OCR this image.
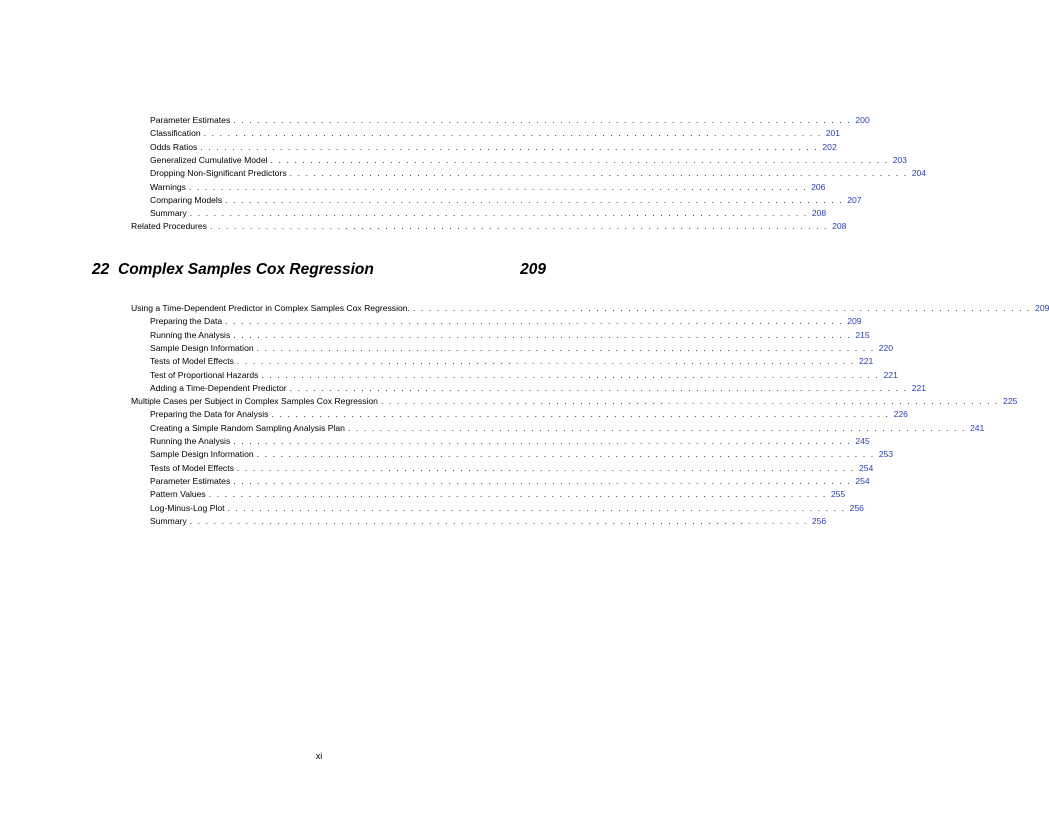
Parameter Estimates . . . . . . . . . . . . . . . . . . . . . . . . . . . . . . . . . . . . . . . . . . . . . . . . . . . . . . . . . . . . . . . . . . . . . . . . . . . . . . 200
Classification . . . . . . . . . . . . . . . . . . . . . . . . . . . . . . . . . . . . . . . . . . . . . . . . . . . . . . . . . . . . . . . . . . . . . . . . . . . . . . 201
Odds Ratios . . . . . . . . . . . . . . . . . . . . . . . . . . . . . . . . . . . . . . . . . . . . . . . . . . . . . . . . . . . . . . . . . . . . . . . . . . . . . . 202
Generalized Cumulative Model . . . . . . . . . . . . . . . . . . . . . . . . . . . . . . . . . . . . . . . . . . . . . . . . . . . . . . . . . . . . . . . . . . . . . . . . . . . . . . 203
Dropping Non-Significant Predictors . . . . . . . . . . . . . . . . . . . . . . . . . . . . . . . . . . . . . . . . . . . . . . . . . . . . . . . . . . . . . . . . . . . . . . . . . . . . . . 204
Warnings . . . . . . . . . . . . . . . . . . . . . . . . . . . . . . . . . . . . . . . . . . . . . . . . . . . . . . . . . . . . . . . . . . . . . . . . . . . . . . 206
Comparing Models . . . . . . . . . . . . . . . . . . . . . . . . . . . . . . . . . . . . . . . . . . . . . . . . . . . . . . . . . . . . . . . . . . . . . . . . . . . . . . 207
Summary . . . . . . . . . . . . . . . . . . . . . . . . . . . . . . . . . . . . . . . . . . . . . . . . . . . . . . . . . . . . . . . . . . . . . . . . . . . . . . 208
Related Procedures . . . . . . . . . . . . . . . . . . . . . . . . . . . . . . . . . . . . . . . . . . . . . . . . . . . . . . . . . . . . . . . . . . . . . . . . . . . . . . 208
22 Complex Samples Cox Regression	209
Using a Time-Dependent Predictor in Complex Samples Cox Regression. . . . . . . . . . . . . . . . . . . . . . . . . . . . . . . . . . . . . . . . . . . . . . . . . . . . . . . . . . . . . . . . . . . . . . . . . . . . . . . 209
Preparing the Data . . . . . . . . . . . . . . . . . . . . . . . . . . . . . . . . . . . . . . . . . . . . . . . . . . . . . . . . . . . . . . . . . . . . . . . . . . . . . . 209
Running the Analysis . . . . . . . . . . . . . . . . . . . . . . . . . . . . . . . . . . . . . . . . . . . . . . . . . . . . . . . . . . . . . . . . . . . . . . . . . . . . . . 215
Sample Design Information . . . . . . . . . . . . . . . . . . . . . . . . . . . . . . . . . . . . . . . . . . . . . . . . . . . . . . . . . . . . . . . . . . . . . . . . . . . . . . 220
Tests of Model Effects . . . . . . . . . . . . . . . . . . . . . . . . . . . . . . . . . . . . . . . . . . . . . . . . . . . . . . . . . . . . . . . . . . . . . . . . . . . . . . 221
Test of Proportional Hazards . . . . . . . . . . . . . . . . . . . . . . . . . . . . . . . . . . . . . . . . . . . . . . . . . . . . . . . . . . . . . . . . . . . . . . . . . . . . . . 221
Adding a Time-Dependent Predictor . . . . . . . . . . . . . . . . . . . . . . . . . . . . . . . . . . . . . . . . . . . . . . . . . . . . . . . . . . . . . . . . . . . . . . . . . . . . . . 221
Multiple Cases per Subject in Complex Samples Cox Regression . . . . . . . . . . . . . . . . . . . . . . . . . . . . . . . . . . . . . . . . . . . . . . . . . . . . . . . . . . . . . . . . . . . . . . . . . . . . . . 225
Preparing the Data for Analysis . . . . . . . . . . . . . . . . . . . . . . . . . . . . . . . . . . . . . . . . . . . . . . . . . . . . . . . . . . . . . . . . . . . . . . . . . . . . . . 226
Creating a Simple Random Sampling Analysis Plan . . . . . . . . . . . . . . . . . . . . . . . . . . . . . . . . . . . . . . . . . . . . . . . . . . . . . . . . . . . . . . . . . . . . . . . . . . . . . . 241
Running the Analysis . . . . . . . . . . . . . . . . . . . . . . . . . . . . . . . . . . . . . . . . . . . . . . . . . . . . . . . . . . . . . . . . . . . . . . . . . . . . . . 245
Sample Design Information . . . . . . . . . . . . . . . . . . . . . . . . . . . . . . . . . . . . . . . . . . . . . . . . . . . . . . . . . . . . . . . . . . . . . . . . . . . . . . 253
Tests of Model Effects . . . . . . . . . . . . . . . . . . . . . . . . . . . . . . . . . . . . . . . . . . . . . . . . . . . . . . . . . . . . . . . . . . . . . . . . . . . . . . 254
Parameter Estimates . . . . . . . . . . . . . . . . . . . . . . . . . . . . . . . . . . . . . . . . . . . . . . . . . . . . . . . . . . . . . . . . . . . . . . . . . . . . . . 254
Pattern Values . . . . . . . . . . . . . . . . . . . . . . . . . . . . . . . . . . . . . . . . . . . . . . . . . . . . . . . . . . . . . . . . . . . . . . . . . . . . . . 255
Log-Minus-Log Plot . . . . . . . . . . . . . . . . . . . . . . . . . . . . . . . . . . . . . . . . . . . . . . . . . . . . . . . . . . . . . . . . . . . . . . . . . . . . . . 256
Summary . . . . . . . . . . . . . . . . . . . . . . . . . . . . . . . . . . . . . . . . . . . . . . . . . . . . . . . . . . . . . . . . . . . . . . . . . . . . . . 256
xi
